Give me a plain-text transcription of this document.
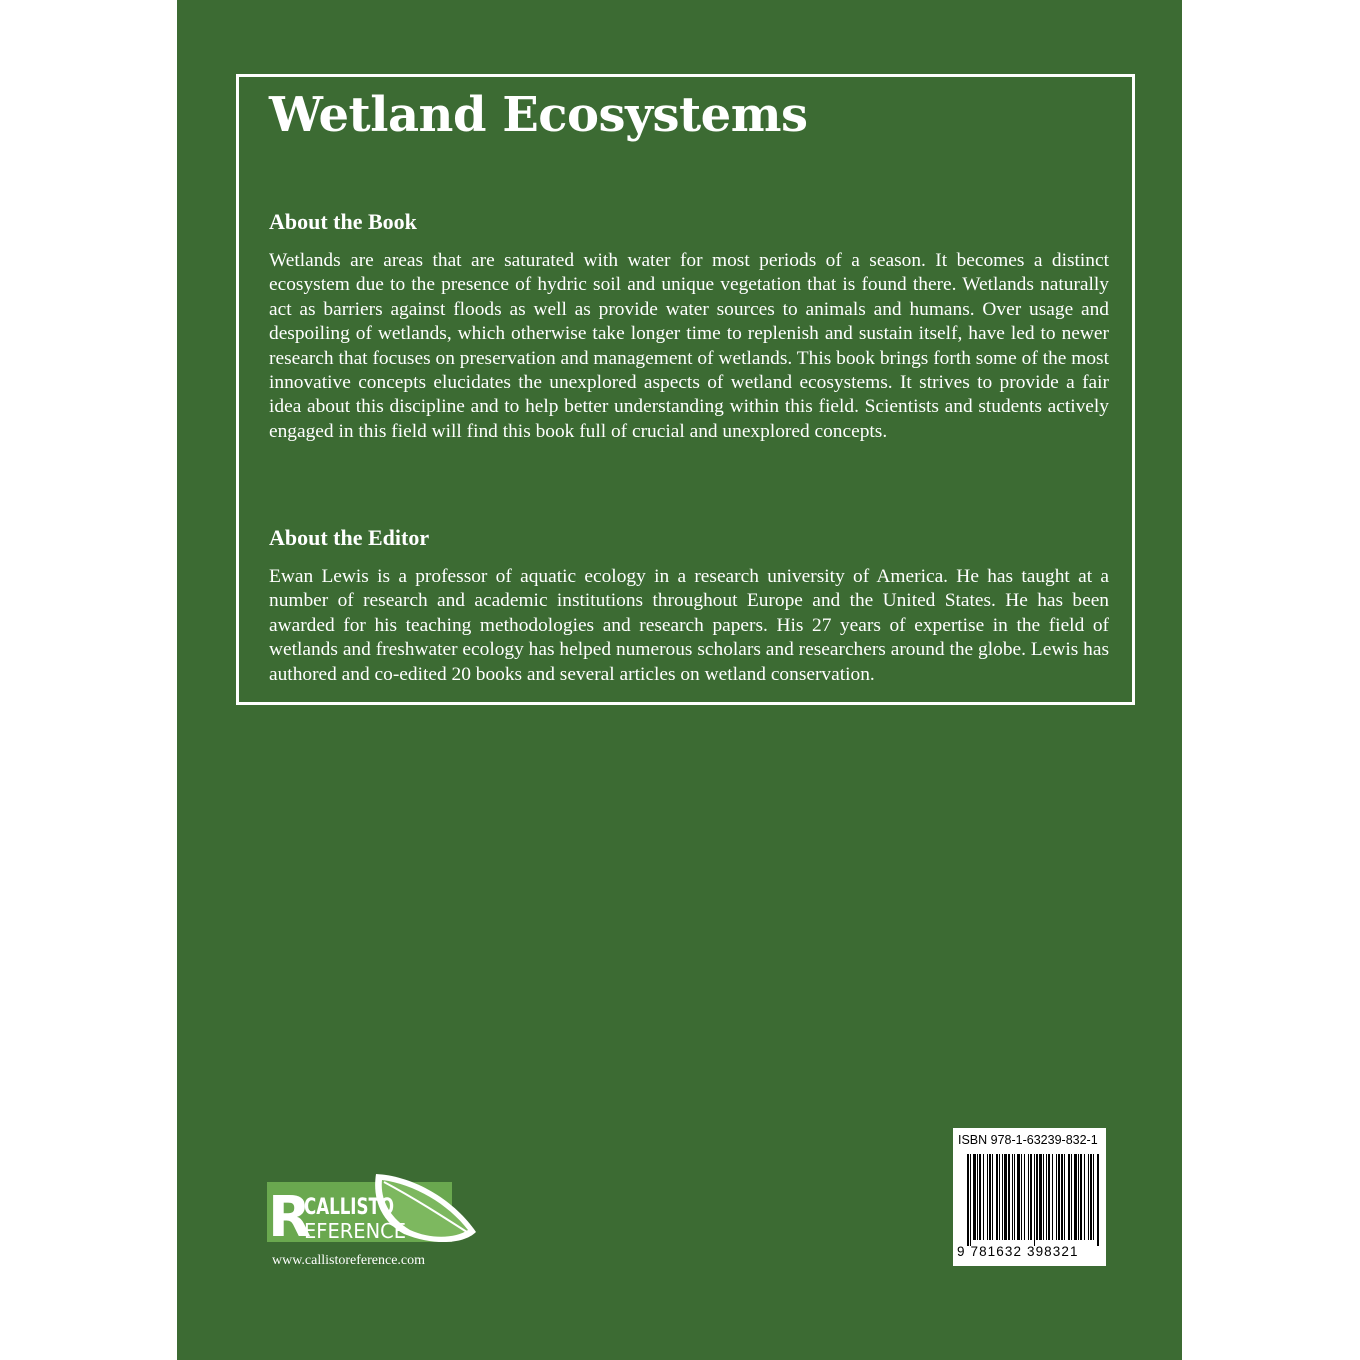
Wetland Ecosystems
About the Book

Wetlands are areas that are saturated with water for most periods of a season. It becomes a distinct ecosystem due to the presence of hydric soil and unique vegetation that is found there. Wetlands naturally act as barriers against floods as well as provide water sources to animals and humans. Over usage and despoiling of wetlands, which otherwise take longer time to replenish and sustain itself, have led to newer research that focuses on preservation and management of wetlands. This book brings forth some of the most innovative concepts elucidates the unexplored aspects of wetland ecosystems. It strives to provide a fair idea about this discipline and to help better understanding within this field. Scientists and students actively engaged in this field will find this book full of crucial and unexplored concepts.

About the Editor

Ewan Lewis is a professor of aquatic ecology in a research university of America. He has taught at a number of research and academic institutions throughout Europe and the United States. He has been awarded for his teaching methodologies and research papers. His 27 years of expertise in the field of wetlands and freshwater ecology has helped numerous scholars and researchers around the globe. Lewis has authored and co-edited 20 books and several articles on wetland conservation.

R
CALLISTO
EFERENCE
www.callistoreference.com
ISBN 978-1-63239-832-1
9 781632 398321
